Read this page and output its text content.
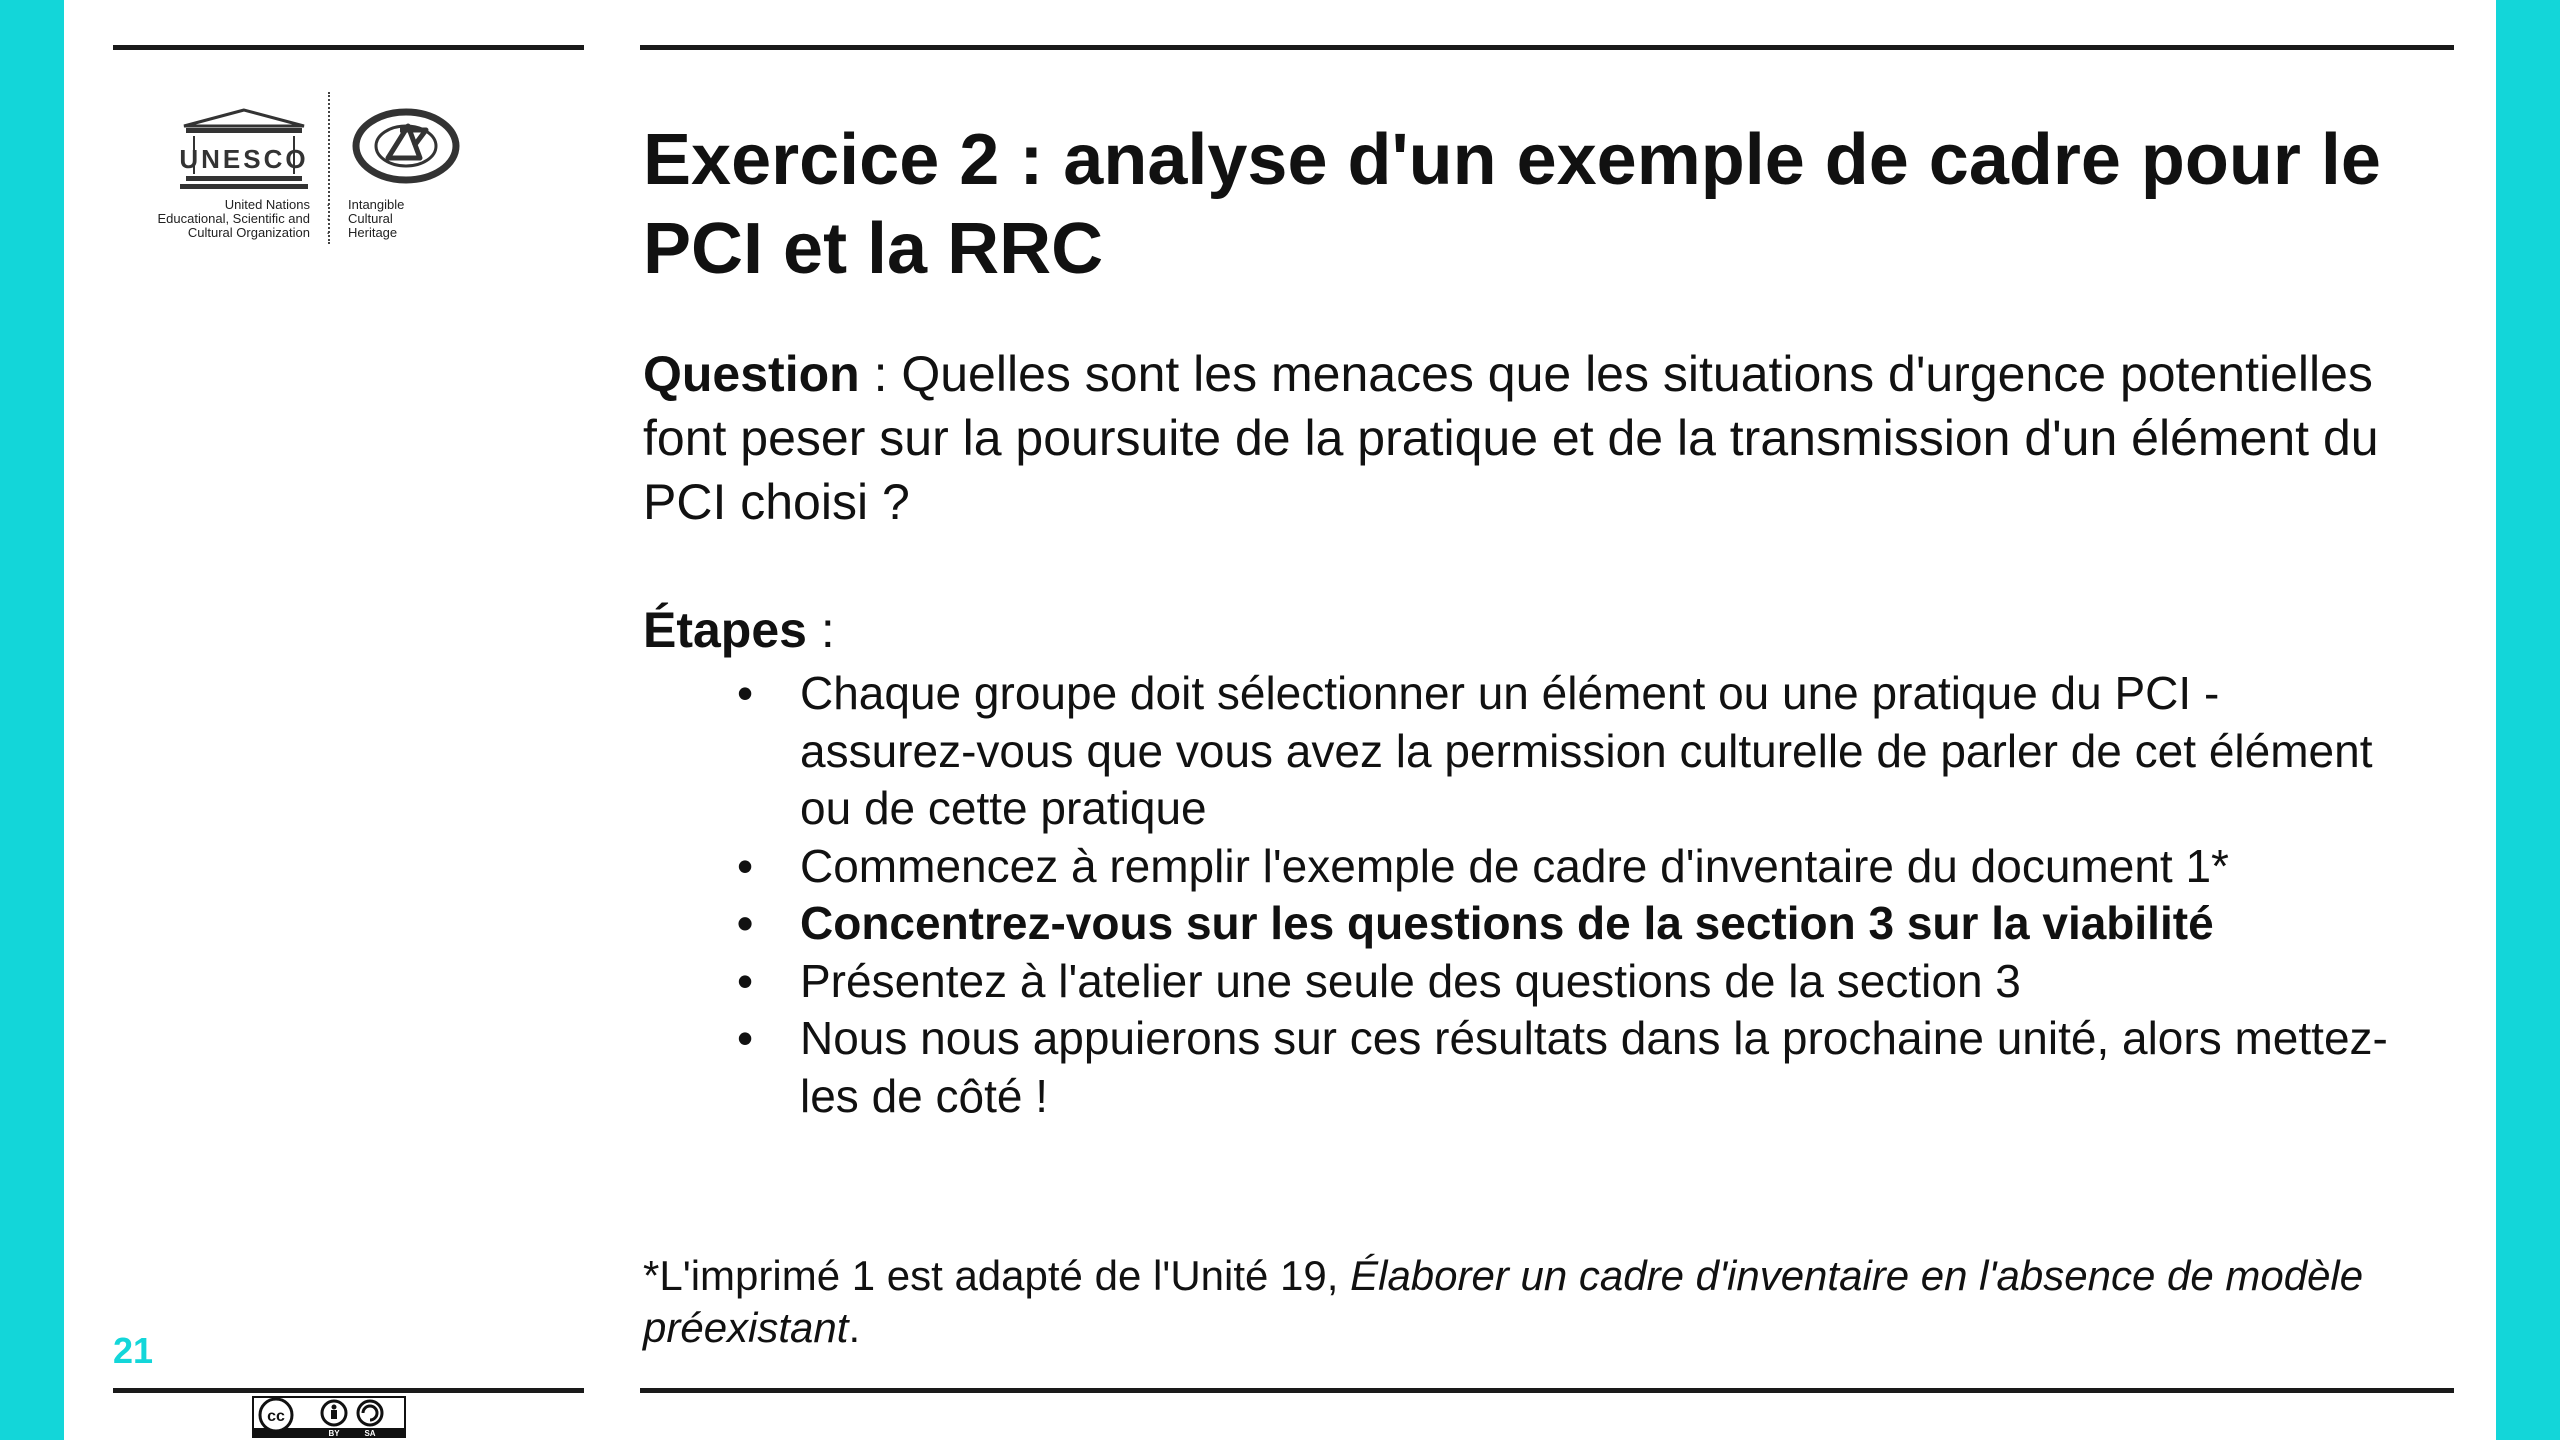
UNESCO
United Nations
Educational, Scientific and
Cultural Organization
·
·
·
Intangible
Cultural
Heritage
Exercice 2 : analyse d'un exemple de cadre pour le PCI et la RRC

Question : Quelles sont les menaces que les situations d'urgence potentielles font peser sur la poursuite de la pratique et de la transmission d'un élément du PCI choisi ?

Étapes :

• Chaque groupe doit sélectionner un élément ou une pratique du PCI - assurez-vous que vous avez la permission culturelle de parler de cet élément ou de cette pratique
• Commencez à remplir l'exemple de cadre d'inventaire du document 1*
• Concentrez-vous sur les questions de la section 3 sur la viabilité
• Présentez à l'atelier une seule des questions de la section 3
• Nous nous appuierons sur ces résultats dans la prochaine unité, alors mettez-les de côté !

*L'imprimé 1 est adapté de l'Unité 19, Élaborer un cadre d'inventaire en l'absence de modèle préexistant.

21
cc
BY	SA
